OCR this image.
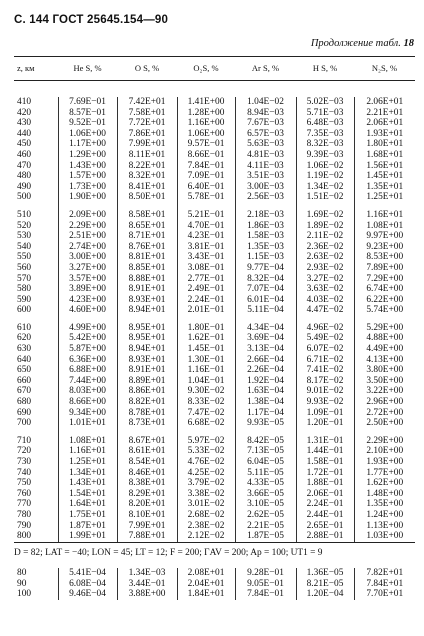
С. 144 ГОСТ 25645.154—90
Продолжение табл. 18
z, км	He S, %	O S, %	O₂S, %	Ar S, %	H S, %	N₂S, %
410	7.69E−01	7.42E+01	1.41E+00	1.04E−02	5.02E−03	2.06E+01
420	8.57E−01	7.58E+01	1.28E+00	8.94E−03	5.71E−03	2.21E+01
430	9.52E−01	7.72E+01	1.16E+00	7.67E−03	6.48E−03	2.06E+01
440	1.06E+00	7.86E+01	1.06E+00	6.57E−03	7.35E−03	1.93E+01
450	1.17E+00	7.99E+01	9.57E−01	5.63E−03	8.32E−03	1.80E+01
460	1.29E+00	8.11E+01	8.66E−01	4.81E−03	9.39E−03	1.68E+01
470	1.43E+00	8.22E+01	7.84E−01	4.11E−03	1.06E−02	1.56E+01
480	1.57E+00	8.32E+01	7.09E−01	3.51E−03	1.19E−02	1.45E+01
490	1.73E+00	8.41E+01	6.40E−01	3.00E−03	1.34E−02	1.35E+01
500	1.90E+00	8.50E+01	5.78E−01	2.56E−03	1.51E−02	1.25E+01

510	2.09E+00	8.58E+01	5.21E−01	2.18E−03	1.69E−02	1.16E+01
520	2.29E+00	8.65E+01	4.70E−01	1.86E−03	1.89E−02	1.08E+01
530	2.51E+00	8.71E+01	4.23E−01	1.58E−03	2.11E−02	9.97E+00
540	2.74E+00	8.76E+01	3.81E−01	1.35E−03	2.36E−02	9.23E+00
550	3.00E+00	8.81E+01	3.43E−01	1.15E−03	2.63E−02	8.53E+00
560	3.27E+00	8.85E+01	3.08E−01	9.77E−04	2.93E−02	7.89E+00
570	3.57E+00	8.88E+01	2.77E−01	8.32E−04	3.27E−02	7.29E+00
580	3.89E+00	8.91E+01	2.49E−01	7.07E−04	3.63E−02	6.74E+00
590	4.23E+00	8.93E+01	2.24E−01	6.01E−04	4.03E−02	6.22E+00
600	4.60E+00	8.94E+01	2.01E−01	5.11E−04	4.47E−02	5.74E+00

610	4.99E+00	8.95E+01	1.80E−01	4.34E−04	4.96E−02	5.29E+00
620	5.42E+00	8.95E+01	1.62E−01	3.69E−04	5.49E−02	4.88E+00
630	5.87E+00	8.94E+01	1.45E−01	3.13E−04	6.07E−02	4.49E+00
640	6.36E+00	8.93E+01	1.30E−01	2.66E−04	6.71E−02	4.13E+00
650	6.88E+00	8.91E+01	1.16E−01	2.26E−04	7.41E−02	3.80E+00
660	7.44E+00	8.89E+01	1.04E−01	1.92E−04	8.17E−02	3.50E+00
670	8.03E+00	8.86E+01	9.30E−02	1.63E−04	9.01E−02	3.22E+00
680	8.66E+00	8.82E+01	8.33E−02	1.38E−04	9.93E−02	2.96E+00
690	9.34E+00	8.78E+01	7.47E−02	1.17E−04	1.09E−01	2.72E+00
700	1.01E+01	8.73E+01	6.68E−02	9.93E−05	1.20E−01	2.50E+00

710	1.08E+01	8.67E+01	5.97E−02	8.42E−05	1.31E−01	2.29E+00
720	1.16E+01	8.61E+01	5.33E−02	7.13E−05	1.44E−01	2.10E+00
730	1.25E+01	8.54E+01	4.76E−02	6.04E−05	1.58E−01	1.93E+00
740	1.34E+01	8.46E+01	4.25E−02	5.11E−05	1.72E−01	1.77E+00
750	1.43E+01	8.38E+01	3.79E−02	4.33E−05	1.88E−01	1.62E+00
760	1.54E+01	8.29E+01	3.38E−02	3.66E−05	2.06E−01	1.48E+00
770	1.64E+01	8.20E+01	3.01E−02	3.10E−05	2.24E−01	1.35E+00
780	1.75E+01	8.10E+01	2.68E−02	2.62E−05	2.44E−01	1.24E+00
790	1.87E+01	7.99E+01	2.38E−02	2.21E−05	2.65E−01	1.13E+00
800	1.99E+01	7.88E+01	2.12E−02	1.87E−05	2.88E−01	1.03E+00
D = 82; LAT = −40; LON = 45; LT = 12; F = 200; ГAV = 200; Ap = 100; UT1 = 9
80	5.41E−04	1.34E−03	2.08E+01	9.28E−01	1.36E−05	7.82E+01
90	6.08E−04	3.44E−01	2.04E+01	9.05E−01	8.21E−05	7.84E+01
100	9.46E−04	3.88E+00	1.84E+01	7.84E−01	1.20E−04	7.70E+01
